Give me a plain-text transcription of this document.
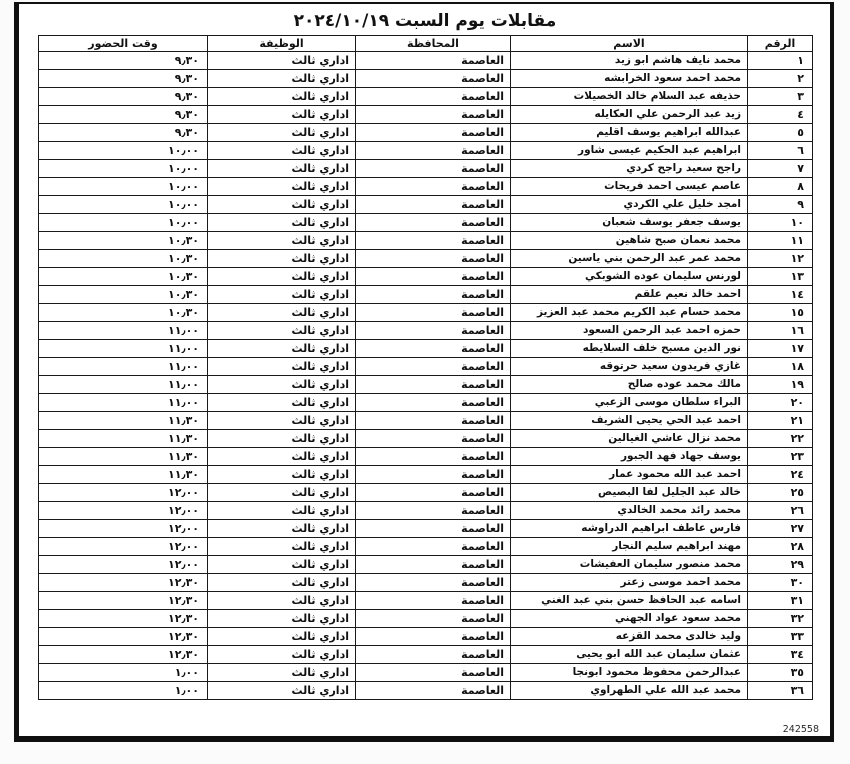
مقابلات يوم السبت ٢٠٢٤/١٠/١٩
الرقم	الاسم	المحافظة	الوظيفة	وقت الحضور
١	محمد نايف هاشم ابو زيد	العاصمة	اداري ثالث	٩٫٣٠
٢	محمد احمد سعود الخرابشه	العاصمة	اداري ثالث	٩٫٣٠
٣	حذيفه عبد السلام خالد الخصيلات	العاصمة	اداري ثالث	٩٫٣٠
٤	زيد عبد الرحمن علي العكايله	العاصمة	اداري ثالث	٩٫٣٠
٥	عبدالله ابراهيم يوسف اقليم	العاصمة	اداري ثالث	٩٫٣٠
٦	ابراهيم عبد الحكيم عيسى شاور	العاصمة	اداري ثالث	١٠٫٠٠
٧	راجح سعيد راجح كردي	العاصمة	اداري ثالث	١٠٫٠٠
٨	عاصم عيسى احمد فريحات	العاصمة	اداري ثالث	١٠٫٠٠
٩	امجد خليل علي الكردي	العاصمة	اداري ثالث	١٠٫٠٠
١٠	يوسف جعفر يوسف شعبان	العاصمة	اداري ثالث	١٠٫٠٠
١١	محمد نعمان صبح شاهين	العاصمة	اداري ثالث	١٠٫٣٠
١٢	محمد عمر عبد الرحمن بني ياسين	العاصمة	اداري ثالث	١٠٫٣٠
١٣	لورنس سليمان عوده الشوبكي	العاصمة	اداري ثالث	١٠٫٣٠
١٤	احمد خالد نعيم علقم	العاصمة	اداري ثالث	١٠٫٣٠
١٥	محمد حسام عبد الكريم محمد عبد العزيز	العاصمة	اداري ثالث	١٠٫٣٠
١٦	حمزه احمد عبد الرحمن السعود	العاصمة	اداري ثالث	١١٫٠٠
١٧	نور الدين مسبح خلف السلايطه	العاصمة	اداري ثالث	١١٫٠٠
١٨	غازي فريدون سعيد حرتوقه	العاصمة	اداري ثالث	١١٫٠٠
١٩	مالك محمد عوده صالح	العاصمة	اداري ثالث	١١٫٠٠
٢٠	البراء سلطان موسى الزعبي	العاصمة	اداري ثالث	١١٫٠٠
٢١	احمد عبد الحي يحيى الشريف	العاصمة	اداري ثالث	١١٫٣٠
٢٢	محمد نزال عاشي الغيالين	العاصمة	اداري ثالث	١١٫٣٠
٢٣	يوسف جهاد فهد الجبور	العاصمة	اداري ثالث	١١٫٣٠
٢٤	احمد عبد الله محمود عمار	العاصمة	اداري ثالث	١١٫٣٠
٢٥	خالد عبد الجليل لفا البصيص	العاصمة	اداري ثالث	١٢٫٠٠
٢٦	محمد رائد محمد الخالدي	العاصمة	اداري ثالث	١٢٫٠٠
٢٧	فارس عاطف ابراهيم الدراوشه	العاصمة	اداري ثالث	١٢٫٠٠
٢٨	مهند ابراهيم سليم النجار	العاصمة	اداري ثالث	١٢٫٠٠
٢٩	محمد منصور سليمان العفيشات	العاصمة	اداري ثالث	١٢٫٠٠
٣٠	محمد احمد موسى زعتر	العاصمة	اداري ثالث	١٢٫٣٠
٣١	اسامه عبد الحافظ حسن بني عبد الغني	العاصمة	اداري ثالث	١٢٫٣٠
٣٢	محمد سعود عواد الجهني	العاصمة	اداري ثالث	١٢٫٣٠
٣٣	وليد خالدى محمد القزعه	العاصمة	اداري ثالث	١٢٫٣٠
٣٤	عثمان سليمان عبد الله ابو يحيى	العاصمة	اداري ثالث	١٢٫٣٠
٣٥	عبدالرحمن محفوظ محمود ابونجا	العاصمة	اداري ثالث	١٫٠٠
٣٦	محمد عبد الله علي الطهراوي	العاصمة	اداري ثالث	١٫٠٠
242558
